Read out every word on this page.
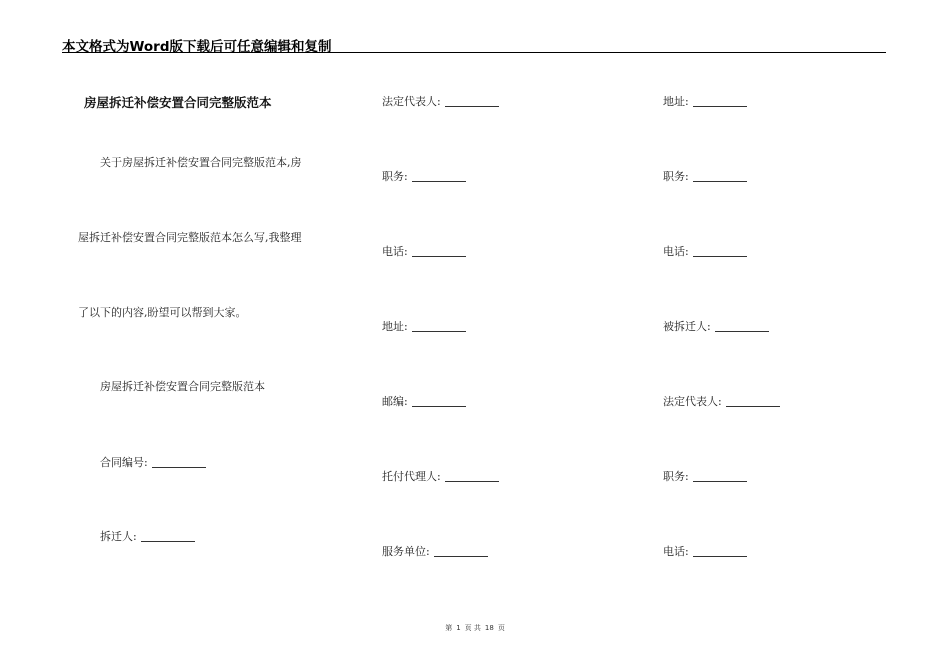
本文格式为Word版下载后可任意编辑和复制
房屋拆迁补偿安置合同完整版范本
关于房屋拆迁补偿安置合同完整版范本,房
屋拆迁补偿安置合同完整版范本怎么写,我整理
了以下的内容,盼望可以帮到大家。
房屋拆迁补偿安置合同完整版范本
合同编号:
拆迁人:
法定代表人:
职务:
电话:
地址:
邮编:
托付代理人:
服务单位:
地址:
职务:
电话:
被拆迁人:
法定代表人:
职务:
电话:
第 1 页 共 18 页
